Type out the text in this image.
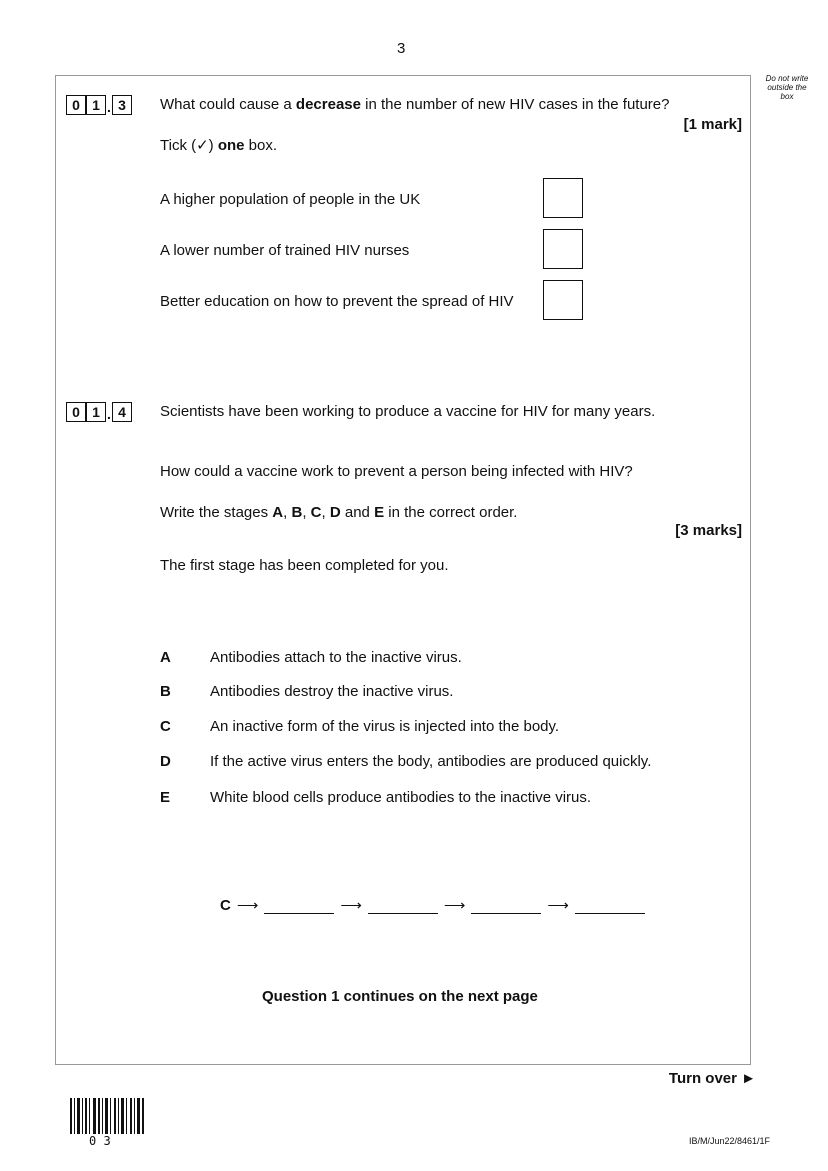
3
Do not write
outside the
box
0 1 . 3	What could cause a decrease in the number of new HIV cases in the future?
[1 mark]
Tick (✓) one box.
A higher population of people in the UK
A lower number of trained HIV nurses
Better education on how to prevent the spread of HIV
0 1 . 4	Scientists have been working to produce a vaccine for HIV for many years.
How could a vaccine work to prevent a person being infected with HIV?
Write the stages A, B, C, D and E in the correct order.
[3 marks]
The first stage has been completed for you.
A	Antibodies attach to the inactive virus.
B	Antibodies destroy the inactive virus.
C	An inactive form of the virus is injected into the body.
D	If the active virus enters the body, antibodies are produced quickly.
E	White blood cells produce antibodies to the inactive virus.
C ⟶	⟶	⟶	⟶
Question 1 continues on the next page
Turn over ►
0 3	IB/M/Jun22/8461/1F
